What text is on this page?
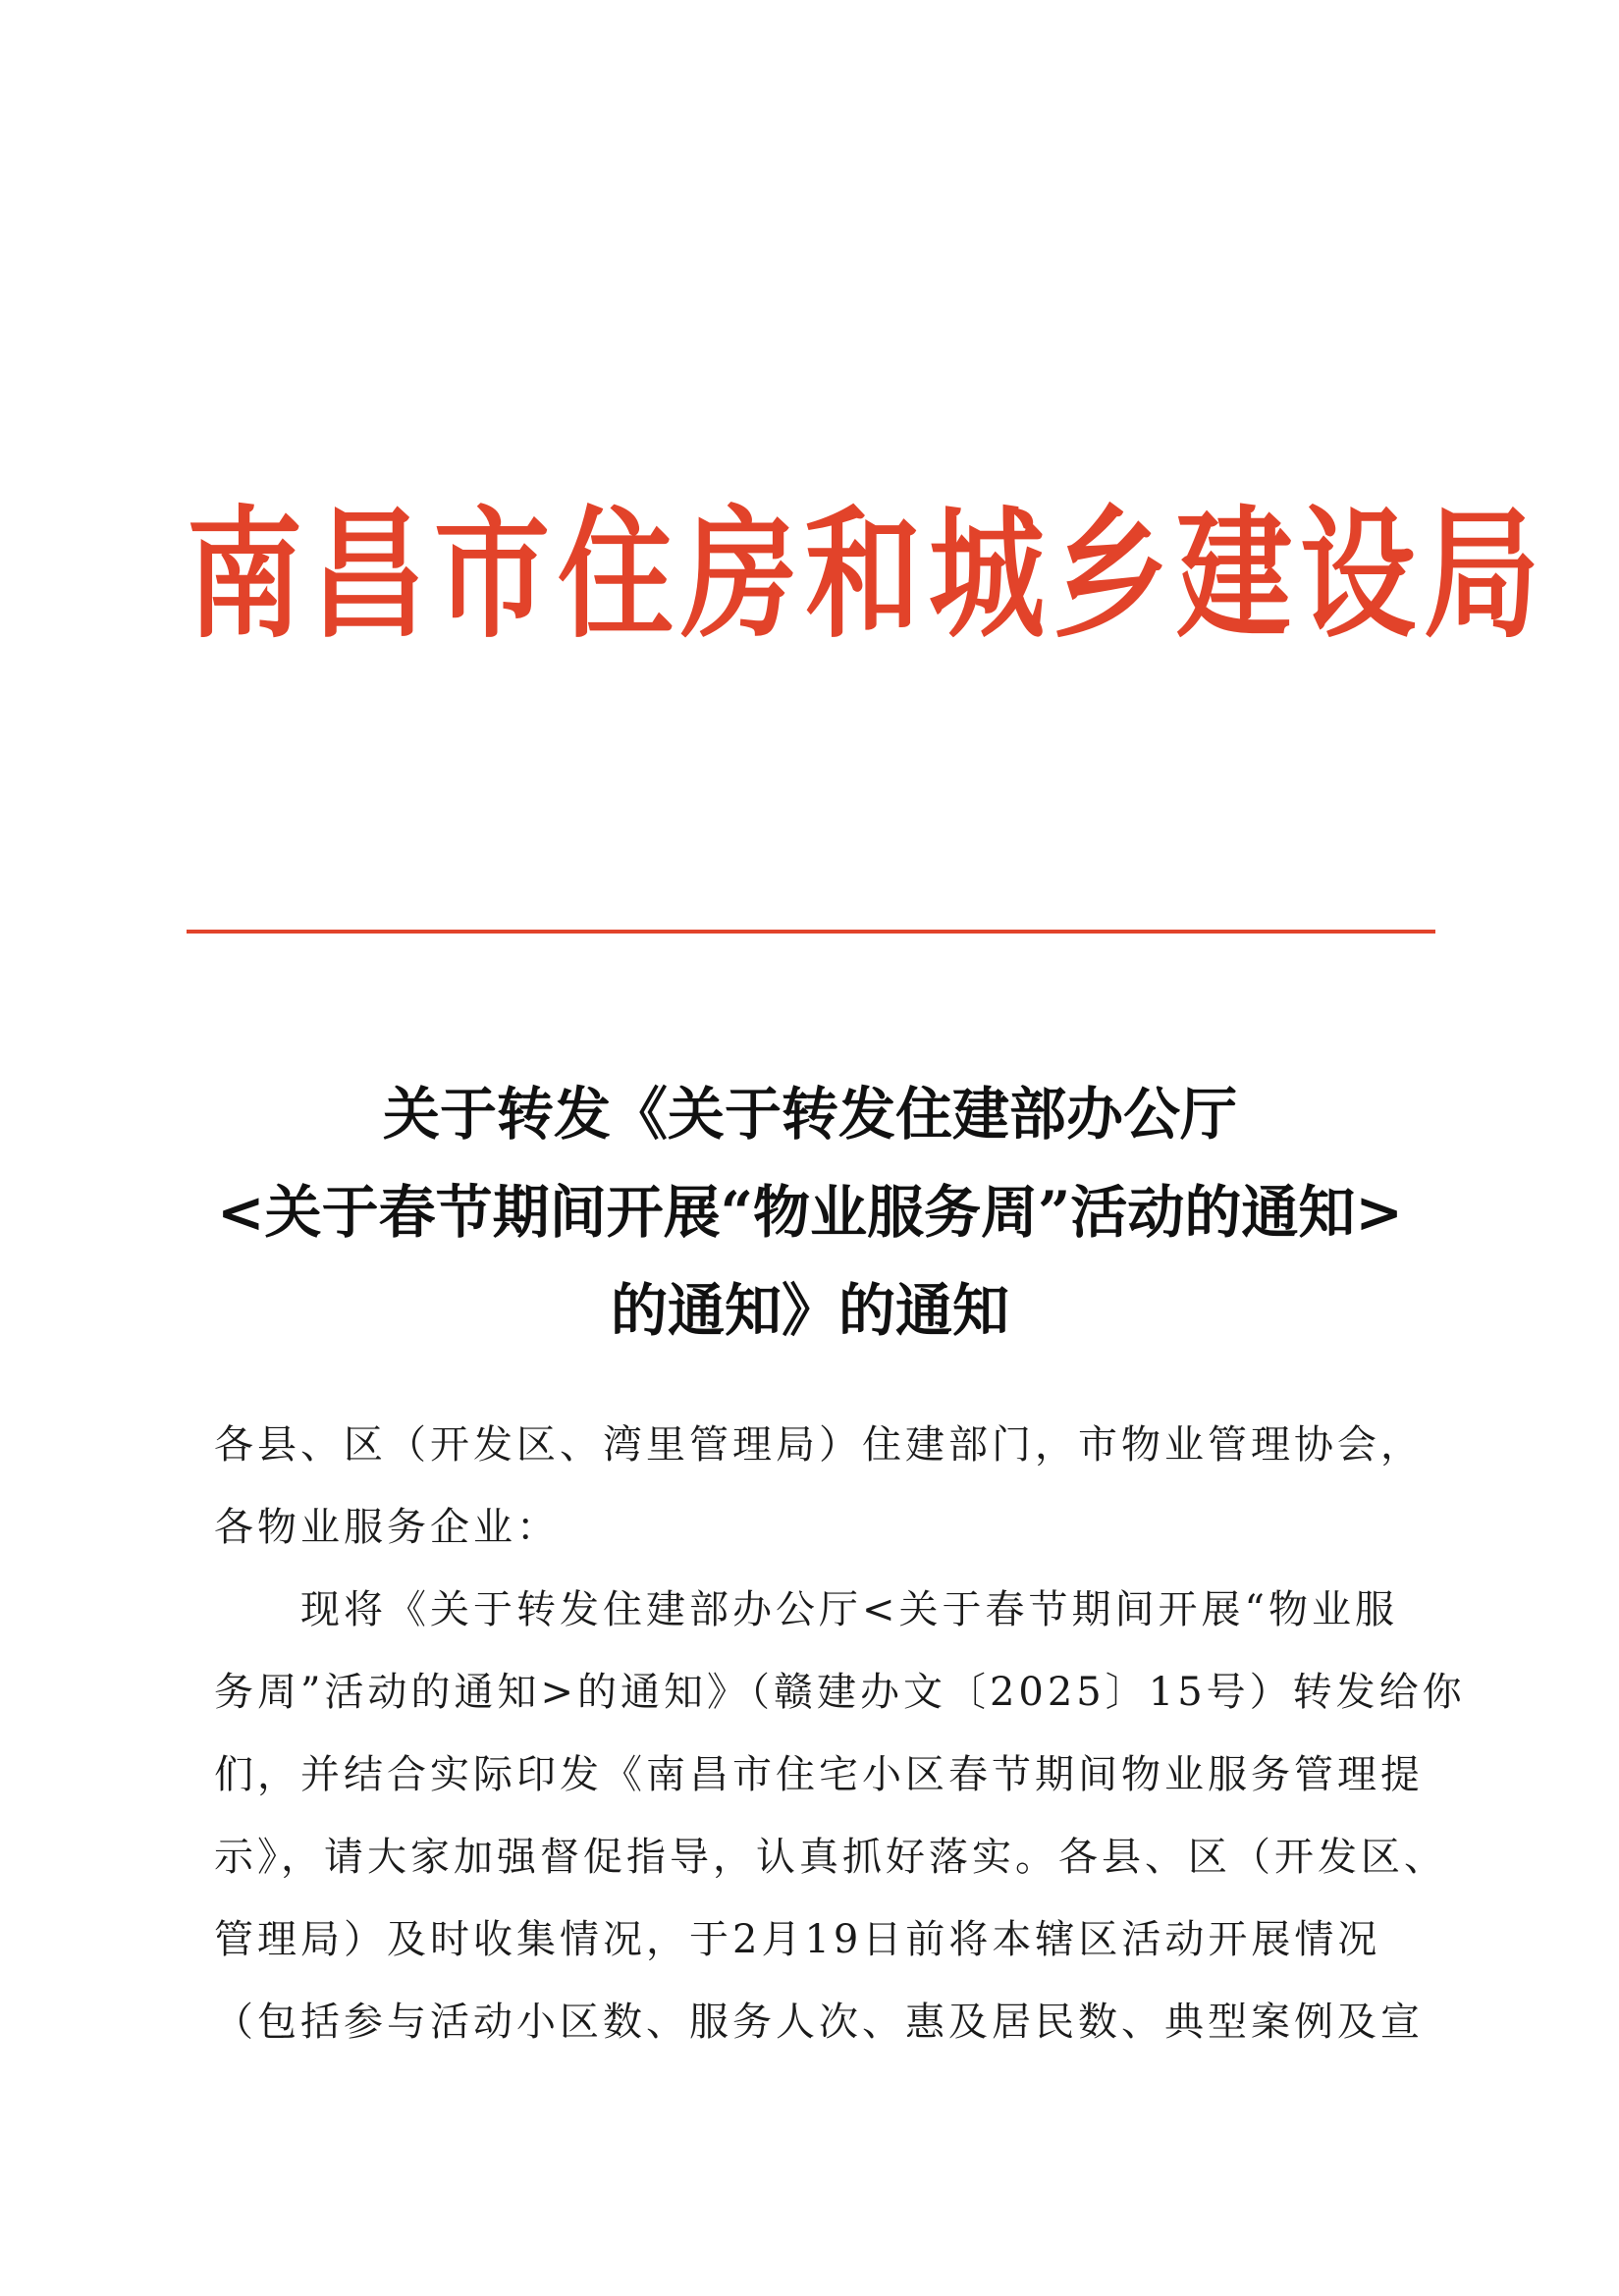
南昌市住房和城乡建设局
关于转发《关于转发住建部办公厅
<关于春节期间开展“物业服务周”活动的通知>
的通知》的通知
各县、区（开发区、湾里管理局）住建部门，市物业管理协会，
各物业服务企业：
现将《关于转发住建部办公厅<关于春节期间开展“物业服
务周”活动的通知>的通知》（赣建办文〔2025〕15号）转发给你
们，并结合实际印发《南昌市住宅小区春节期间物业服务管理提
示》，请大家加强督促指导，认真抓好落实。各县、区（开发区、
管理局）及时收集情况，于2月19日前将本辖区活动开展情况
（包括参与活动小区数、服务人次、惠及居民数、典型案例及宣
